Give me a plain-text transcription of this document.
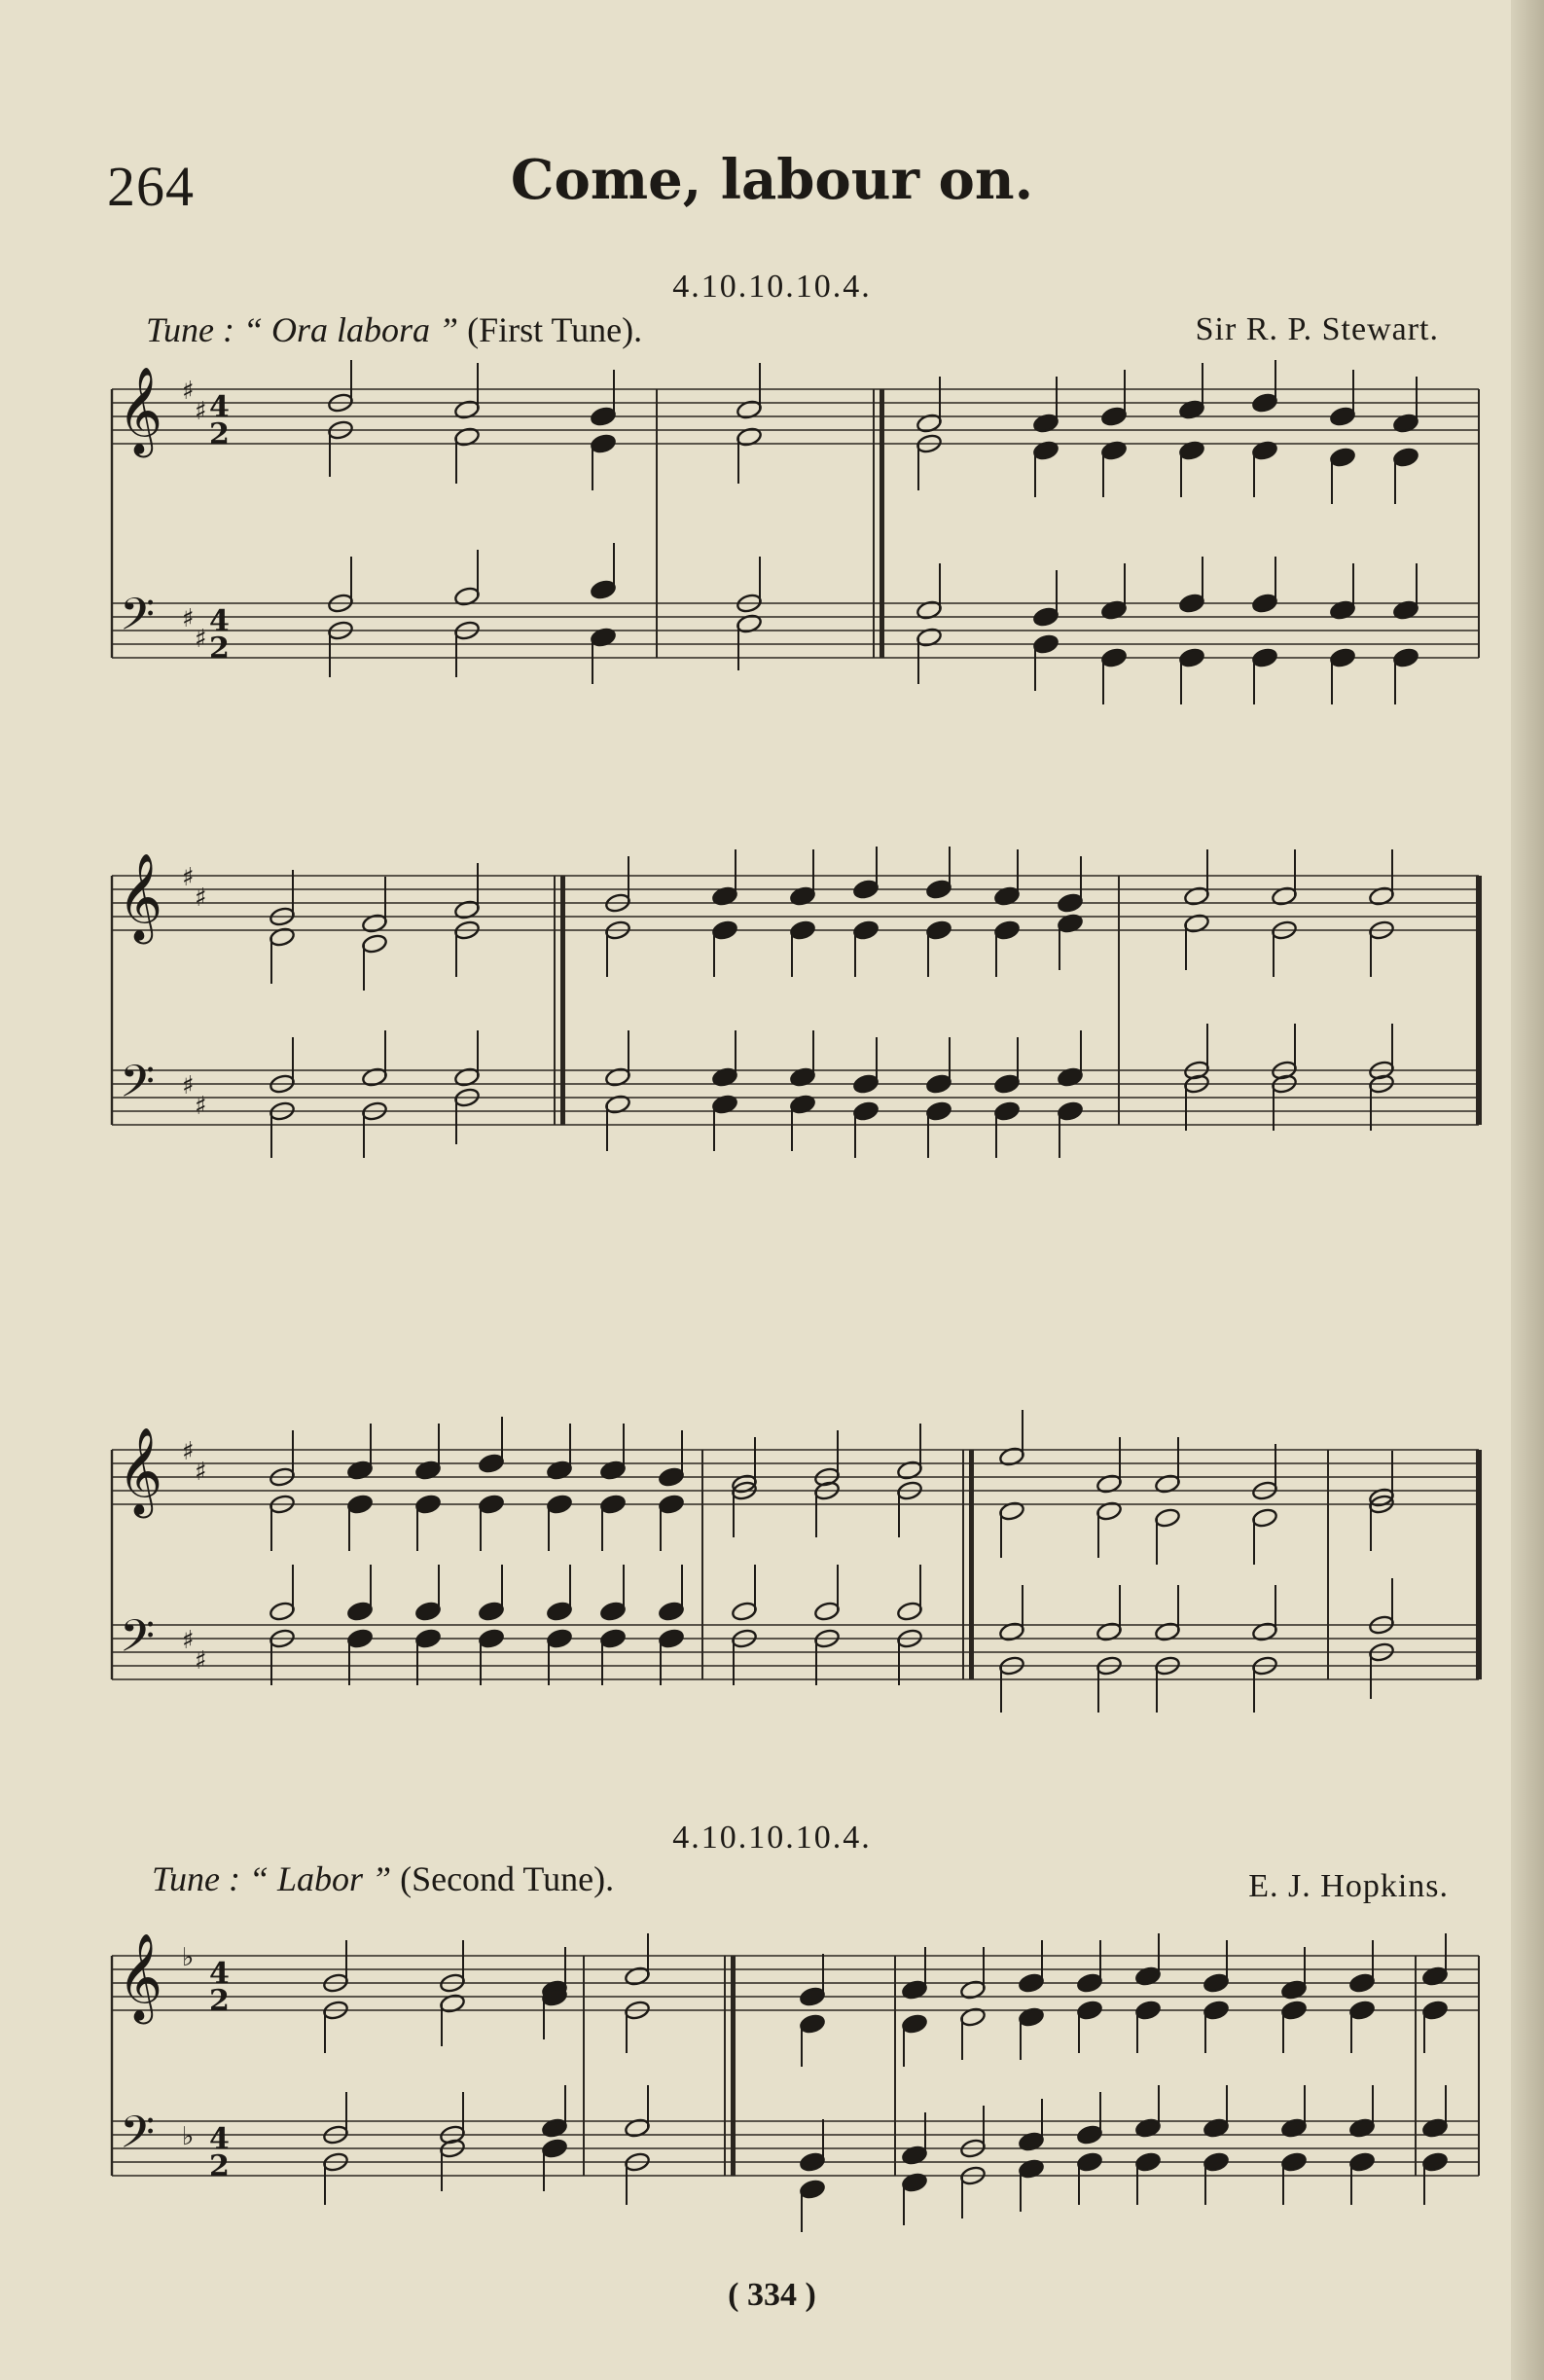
264	Come, labour on.
4.10.10.10.4.
Tune : “ Ora labora ” (First Tune).	Sir R. P. Stewart.
𝄞
𝄢
♯
♯
♯
♯
4
2
4
2
𝄞
𝄢
♯
♯
♯
♯
𝄞
𝄢
♯
♯
♯
♯
4.10.10.10.4.
Tune : “ Labor ” (Second Tune).	E. J. Hopkins.
𝄞
𝄢
♭
♭
4
2
4
2
( 334 )
